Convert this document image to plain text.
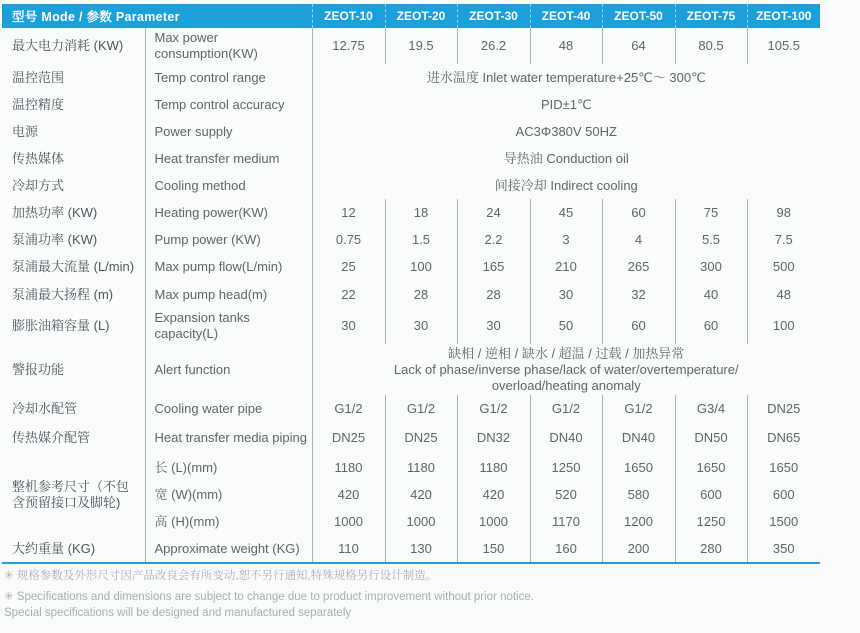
型号 Mode / 参数 Parameter		ZEOT-10	ZEOT-20	ZEOT-30	ZEOT-40	ZEOT-50	ZEOT-75	ZEOT-100
最大电力消耗 (KW)	Max power consumption(KW)	12.75	19.5	26.2	48	64	80.5	105.5
温控范围	Temp control range	进水温度 Inlet water temperature+25℃～ 300℃						
温控精度	Temp control accuracy	PID±1℃						
电源	Power supply	AC3Φ380V 50HZ						
传热媒体	Heat transfer medium	导热油 Conduction oil						
冷却方式	Cooling method	间接冷却 Indirect cooling						
加热功率 (KW)	Heating power(KW)	12	18	24	45	60	75	98
泵浦功率 (KW)	Pump power (KW)	0.75	1.5	2.2	3	4	5.5	7.5
泵浦最大流量 (L/min)	Max pump flow(L/min)	25	100	165	210	265	300	500
泵浦最大扬程 (m)	Max pump head(m)	22	28	28	30	32	40	48
膨胀油箱容量 (L)	Expansion tanks capacity(L)	30	30	30	50	60	60	100
警报功能	Alert function	缺相 / 逆相 / 缺水 / 超温 / 过载 / 加热异常
Lack of phase/inverse phase/lack of water/overtemperature/
overload/heating anomaly						

冷却水配管	Cooling water pipe	G1/2	G1/2	G1/2	G1/2	G1/2	G3/4	DN25
传热媒介配管	Heat transfer media piping	DN25	DN25	DN32	DN40	DN40	DN50	DN65
整机参考尺寸（不包含预留接口及脚轮)	长 (L)(mm)	1180	1180	1180	1250	1650	1650	1650
	宽 (W)(mm)	420	420	420	520	580	600	600
	高 (H)(mm)	1000	1000	1000	1170	1200	1250	1500
大约重量 (KG)	Approximate weight (KG)	110	130	150	160	200	280	350

✳ 规格参数及外形尺寸因产品改良会有所变动,恕不另行通知,特殊规格另行设计制造。

✳ Specifications and dimensions are subject to change due to product improvement without prior notice. Special specifications will be designed and manufactured separately
